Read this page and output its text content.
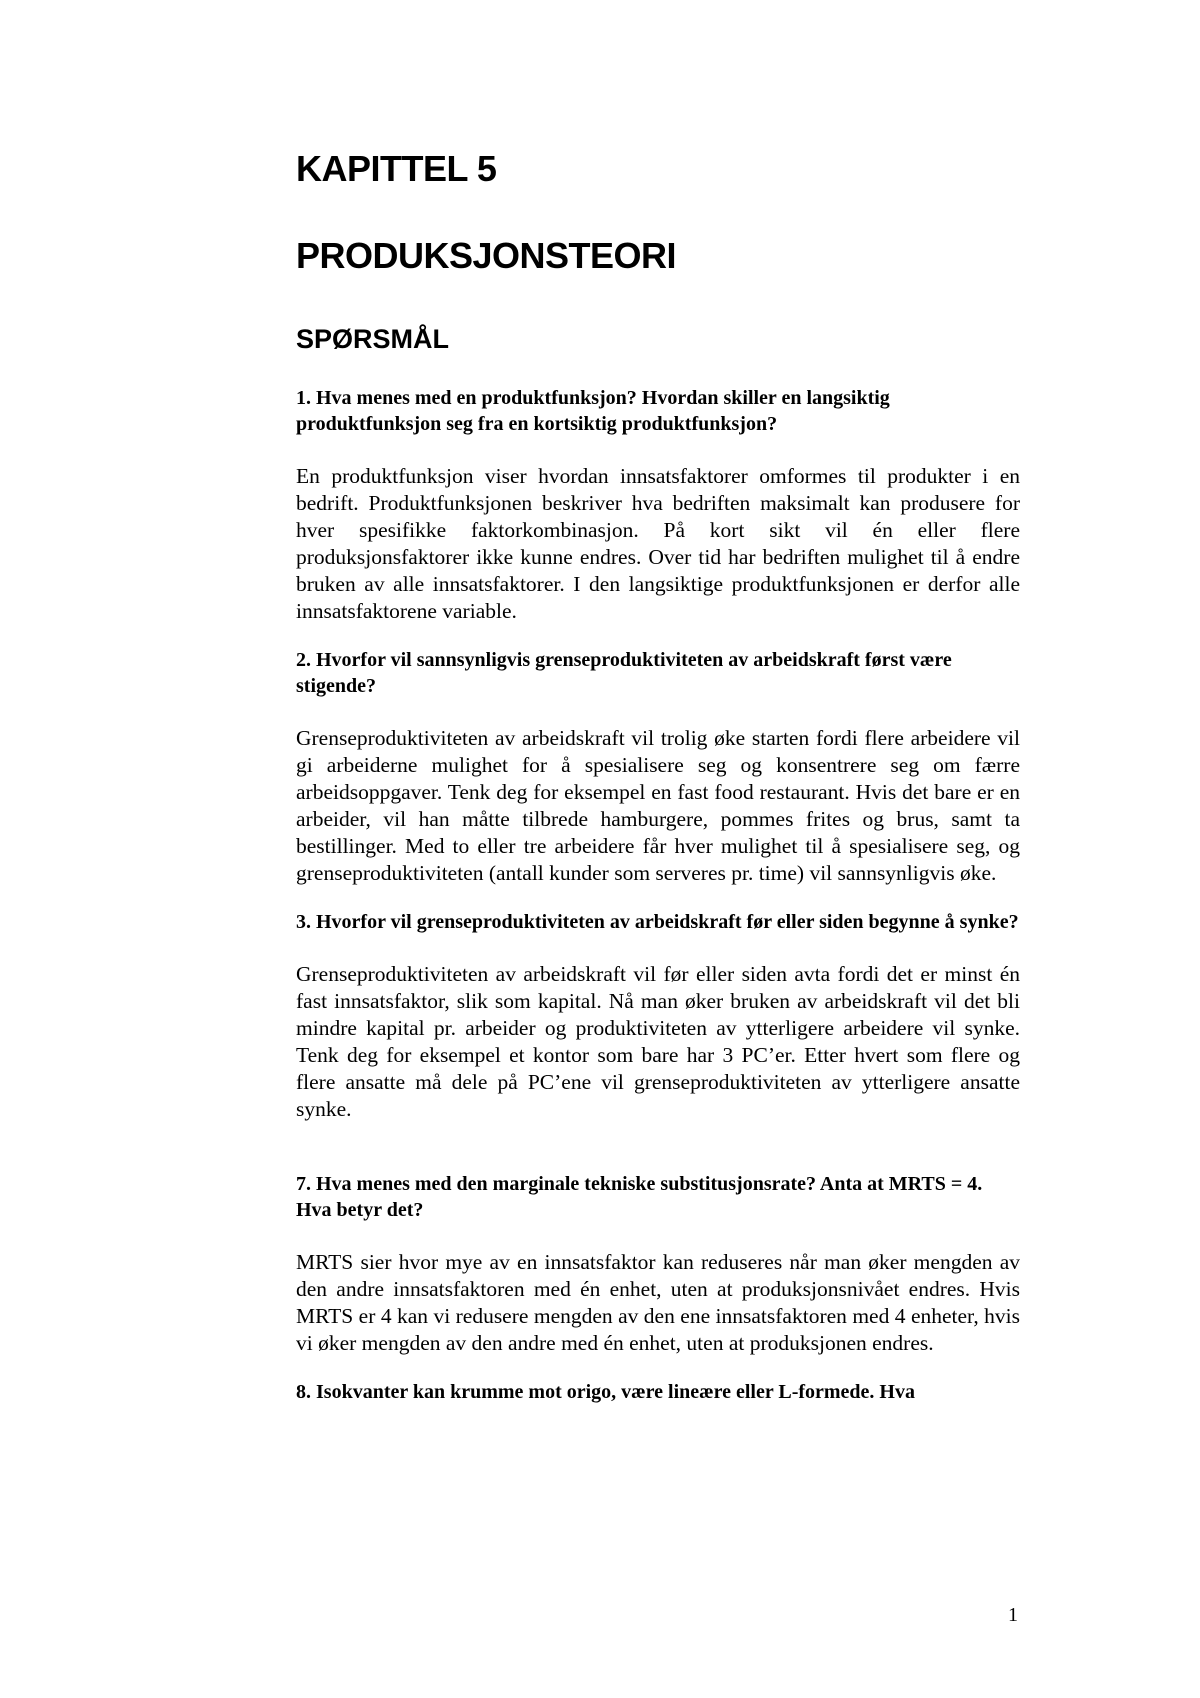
KAPITTEL 5
PRODUKSJONSTEORI
SPØRSMÅL
1. Hva menes med en produktfunksjon? Hvordan skiller en langsiktig produktfunksjon seg fra en kortsiktig produktfunksjon?
En produktfunksjon viser hvordan innsatsfaktorer omformes til produkter i en bedrift. Produktfunksjonen beskriver hva bedriften maksimalt kan produsere for hver spesifikke faktorkombinasjon. På kort sikt vil én eller flere produksjonsfaktorer ikke kunne endres. Over tid har bedriften mulighet til å endre bruken av alle innsatsfaktorer. I den langsiktige produktfunksjonen er derfor alle innsatsfaktorene variable.
2. Hvorfor vil sannsynligvis grenseproduktiviteten av arbeidskraft først være stigende?
Grenseproduktiviteten av arbeidskraft vil trolig øke starten fordi flere arbeidere vil gi arbeiderne mulighet for å spesialisere seg og konsentrere seg om færre arbeidsoppgaver. Tenk deg for eksempel en fast food restaurant. Hvis det bare er en arbeider, vil han måtte tilbrede hamburgere, pommes frites og brus, samt ta bestillinger. Med to eller tre arbeidere får hver mulighet til å spesialisere seg, og grenseproduktiviteten (antall kunder som serveres pr. time) vil sannsynligvis øke.
3. Hvorfor vil grenseproduktiviteten av arbeidskraft før eller siden begynne å synke?
Grenseproduktiviteten av arbeidskraft vil før eller siden avta fordi det er minst én fast innsatsfaktor, slik som kapital. Nå man øker bruken av arbeidskraft vil det bli mindre kapital pr. arbeider og produktiviteten av ytterligere arbeidere vil synke. Tenk deg for eksempel et kontor som bare har 3 PC’er. Etter hvert som flere og flere ansatte må dele på PC’ene vil grenseproduktiviteten av ytterligere ansatte synke.
7. Hva menes med den marginale tekniske substitusjonsrate? Anta at MRTS = 4. Hva betyr det?
MRTS sier hvor mye av en innsatsfaktor kan reduseres når man øker mengden av den andre innsatsfaktoren med én enhet, uten at produksjonsnivået endres. Hvis MRTS er 4 kan vi redusere mengden av den ene innsatsfaktoren med 4 enheter, hvis vi øker mengden av den andre med én enhet, uten at produksjonen endres.
8. Isokvanter kan krumme mot origo, være lineære eller L-formede. Hva
1
